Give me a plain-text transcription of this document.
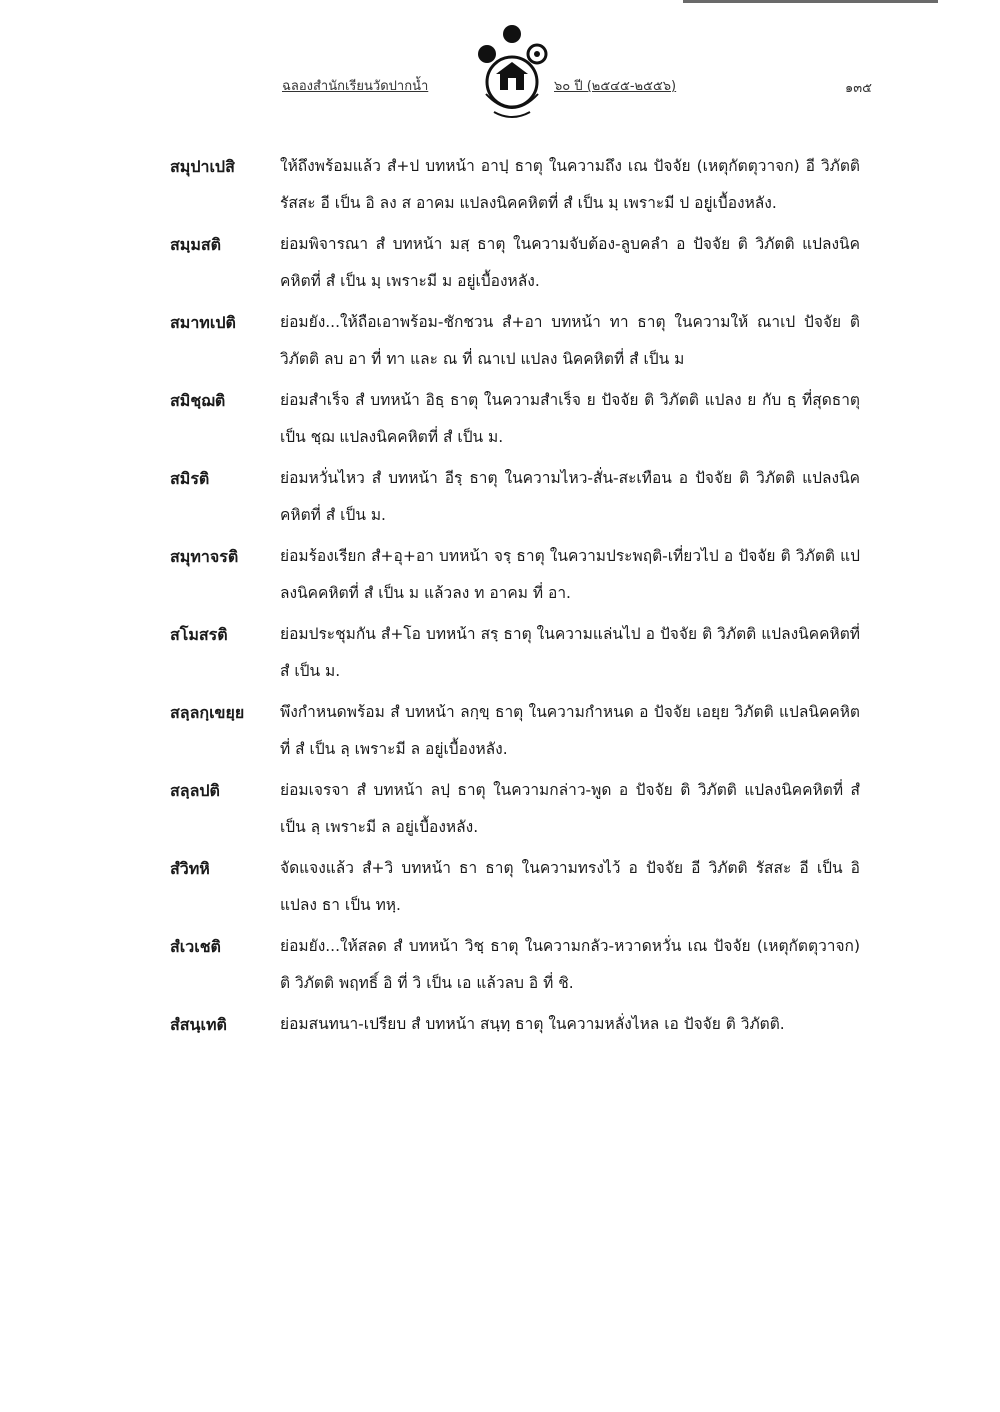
ฉลองสำนักเรียนวัดปากน้ำ	๖๐ ปี (๒๕๔๕-๒๕๕๖)	๑๓๕
สมุปาเปสิ	ให้ถึงพร้อมแล้ว สํ+ป บทหน้า อาปฺ ธาตุ ในความถึง เณ ปัจจัย (เหตุกัตตุวาจก) อี วิภัตติ รัสสะ อี เป็น อิ ลง ส อาคม แปลงนิคคหิตที่ สํ เป็น มฺ เพราะมี ป อยู่เบื้องหลัง.
สมฺมสติ	ย่อมพิจารณา สํ บทหน้า มสฺ ธาตุ ในความจับต้อง-ลูบคลำ อ ปัจจัย ติ วิภัตติ แปลงนิคคหิตที่ สํ เป็น มฺ เพราะมี ม อยู่เบื้องหลัง.
สมาทเปติ	ย่อมยัง...ให้ถือเอาพร้อม-ชักชวน สํ+อา บทหน้า ทา ธาตุ ในความให้ ณาเป ปัจจัย ติ วิภัตติ ลบ อา ที่ ทา และ ณ ที่ ณาเป แปลง นิคคหิตที่ สํ เป็น ม
สมิชฺฌติ	ย่อมสำเร็จ สํ บทหน้า อิธฺ ธาตุ ในความสำเร็จ ย ปัจจัย ติ วิภัตติ แปลง ย กับ ธฺ ที่สุดธาตุเป็น ชฺฌ แปลงนิคคหิตที่ สํ เป็น ม.
สมิรติ	ย่อมหวั่นไหว สํ บทหน้า อีรฺ ธาตุ ในความไหว-สั่น-สะเทือน อ ปัจจัย ติ วิภัตติ แปลงนิคคหิตที่ สํ เป็น ม.
สมุทาจรติ	ย่อมร้องเรียก สํ+อุ+อา บทหน้า จรฺ ธาตุ ในความประพฤติ-เที่ยวไป อ ปัจจัย ติ วิภัตติ แปลงนิคคหิตที่ สํ เป็น ม แล้วลง ท อาคม ที่ อา.
สโมสรติ	ย่อมประชุมกัน สํ+โอ บทหน้า สรฺ ธาตุ ในความแล่นไป อ ปัจจัย ติ วิภัตติ แปลงนิคคหิตที่ สํ เป็น ม.
สลฺลกฺเขยฺย	พึงกำหนดพร้อม สํ บทหน้า ลกฺขฺ ธาตุ ในความกำหนด อ ปัจจัย เอยฺย วิภัตติ แปลนิคคหิตที่ สํ เป็น ลฺ เพราะมี ล อยู่เบื้องหลัง.
สลฺลปติ	ย่อมเจรจา สํ บทหน้า ลปฺ ธาตุ ในความกล่าว-พูด อ ปัจจัย ติ วิภัตติ แปลงนิคคหิตที่ สํ เป็น ลฺ เพราะมี ล อยู่เบื้องหลัง.
สํวิทหิ	จัดแจงแล้ว สํ+วิ บทหน้า ธา ธาตุ ในความทรงไว้ อ ปัจจัย อี วิภัตติ รัสสะ อี เป็น อิ แปลง ธา เป็น ทหฺ.
สํเวเชติ	ย่อมยัง...ให้สลด สํ บทหน้า วิชฺ ธาตุ ในความกลัว-หวาดหวั่น เณ ปัจจัย (เหตุกัตตุวาจก) ติ วิภัตติ พฤทธิ์ อิ ที่ วิ เป็น เอ แล้วลบ อิ ที่ ชิ.
สํสนฺเทติ	ย่อมสนทนา-เปรียบ สํ บทหน้า สนฺทฺ ธาตุ ในความหลั่งไหล เอ ปัจจัย ติ วิภัตติ.
